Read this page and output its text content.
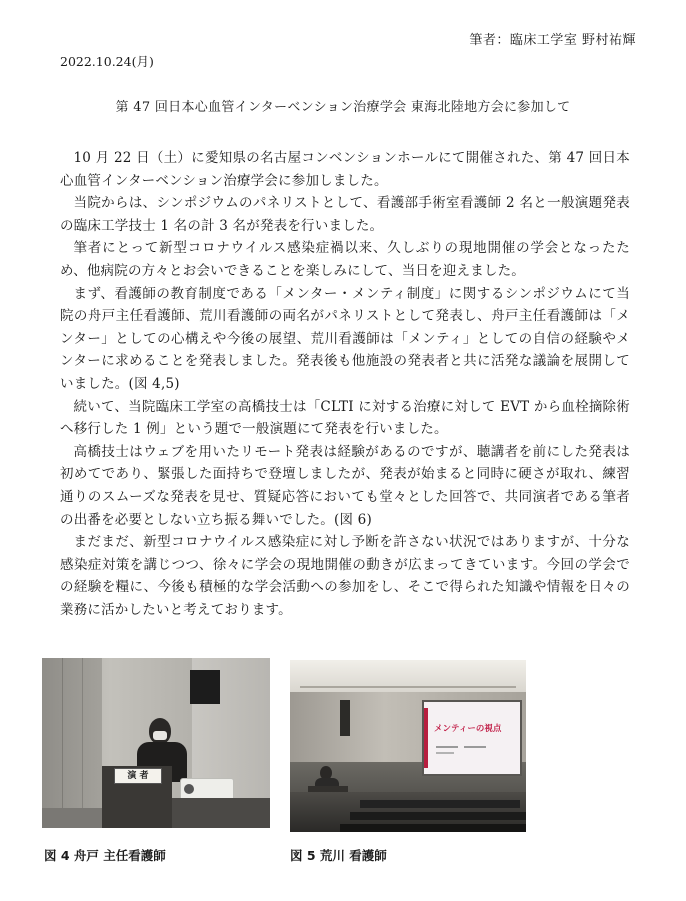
筆者：臨床工学室 野村祐輝
2022.10.24(月)
第 47 回日本心血管インターベンション治療学会 東海北陸地方会に参加して

10 月 22 日（土）に愛知県の名古屋コンベンションホールにて開催された、第 47 回日本心血管インターベンション治療学会に参加しました。

当院からは、シンポジウムのパネリストとして、看護部手術室看護師 2 名と一般演題発表の臨床工学技士 1 名の計 3 名が発表を行いました。

筆者にとって新型コロナウイルス感染症禍以来、久しぶりの現地開催の学会となったため、他病院の方々とお会いできることを楽しみにして、当日を迎えました。

まず、看護師の教育制度である「メンター・メンティ制度」に関するシンポジウムにて当院の舟戸主任看護師、荒川看護師の両名がパネリストとして発表し、舟戸主任看護師は「メンター」としての心構えや今後の展望、荒川看護師は「メンティ」としての自信の経験やメンターに求めることを発表しました。発表後も他施設の発表者と共に活発な議論を展開していました。(図 4,5)

続いて、当院臨床工学室の高橋技士は「CLTI に対する治療に対して EVT から血栓摘除術へ移行した 1 例」という題で一般演題にて発表を行いました。

高橋技士はウェブを用いたリモート発表は経験があるのですが、聴講者を前にした発表は初めてであり、緊張した面持ちで登壇しましたが、発表が始まると同時に硬さが取れ、練習通りのスムーズな発表を見せ、質疑応答においても堂々とした回答で、共同演者である筆者の出番を必要としない立ち振る舞いでした。(図 6)

まだまだ、新型コロナウイルス感染症に対し予断を許さない状況ではありますが、十分な感染症対策を講じつつ、徐々に学会の現地開催の動きが広まってきています。今回の学会での経験を糧に、今後も積極的な学会活動への参加をし、そこで得られた知識や情報を日々の業務に活かしたいと考えております。

演 者
図 4 舟戸 主任看護師
メンティーの視点
図 5 荒川 看護師
